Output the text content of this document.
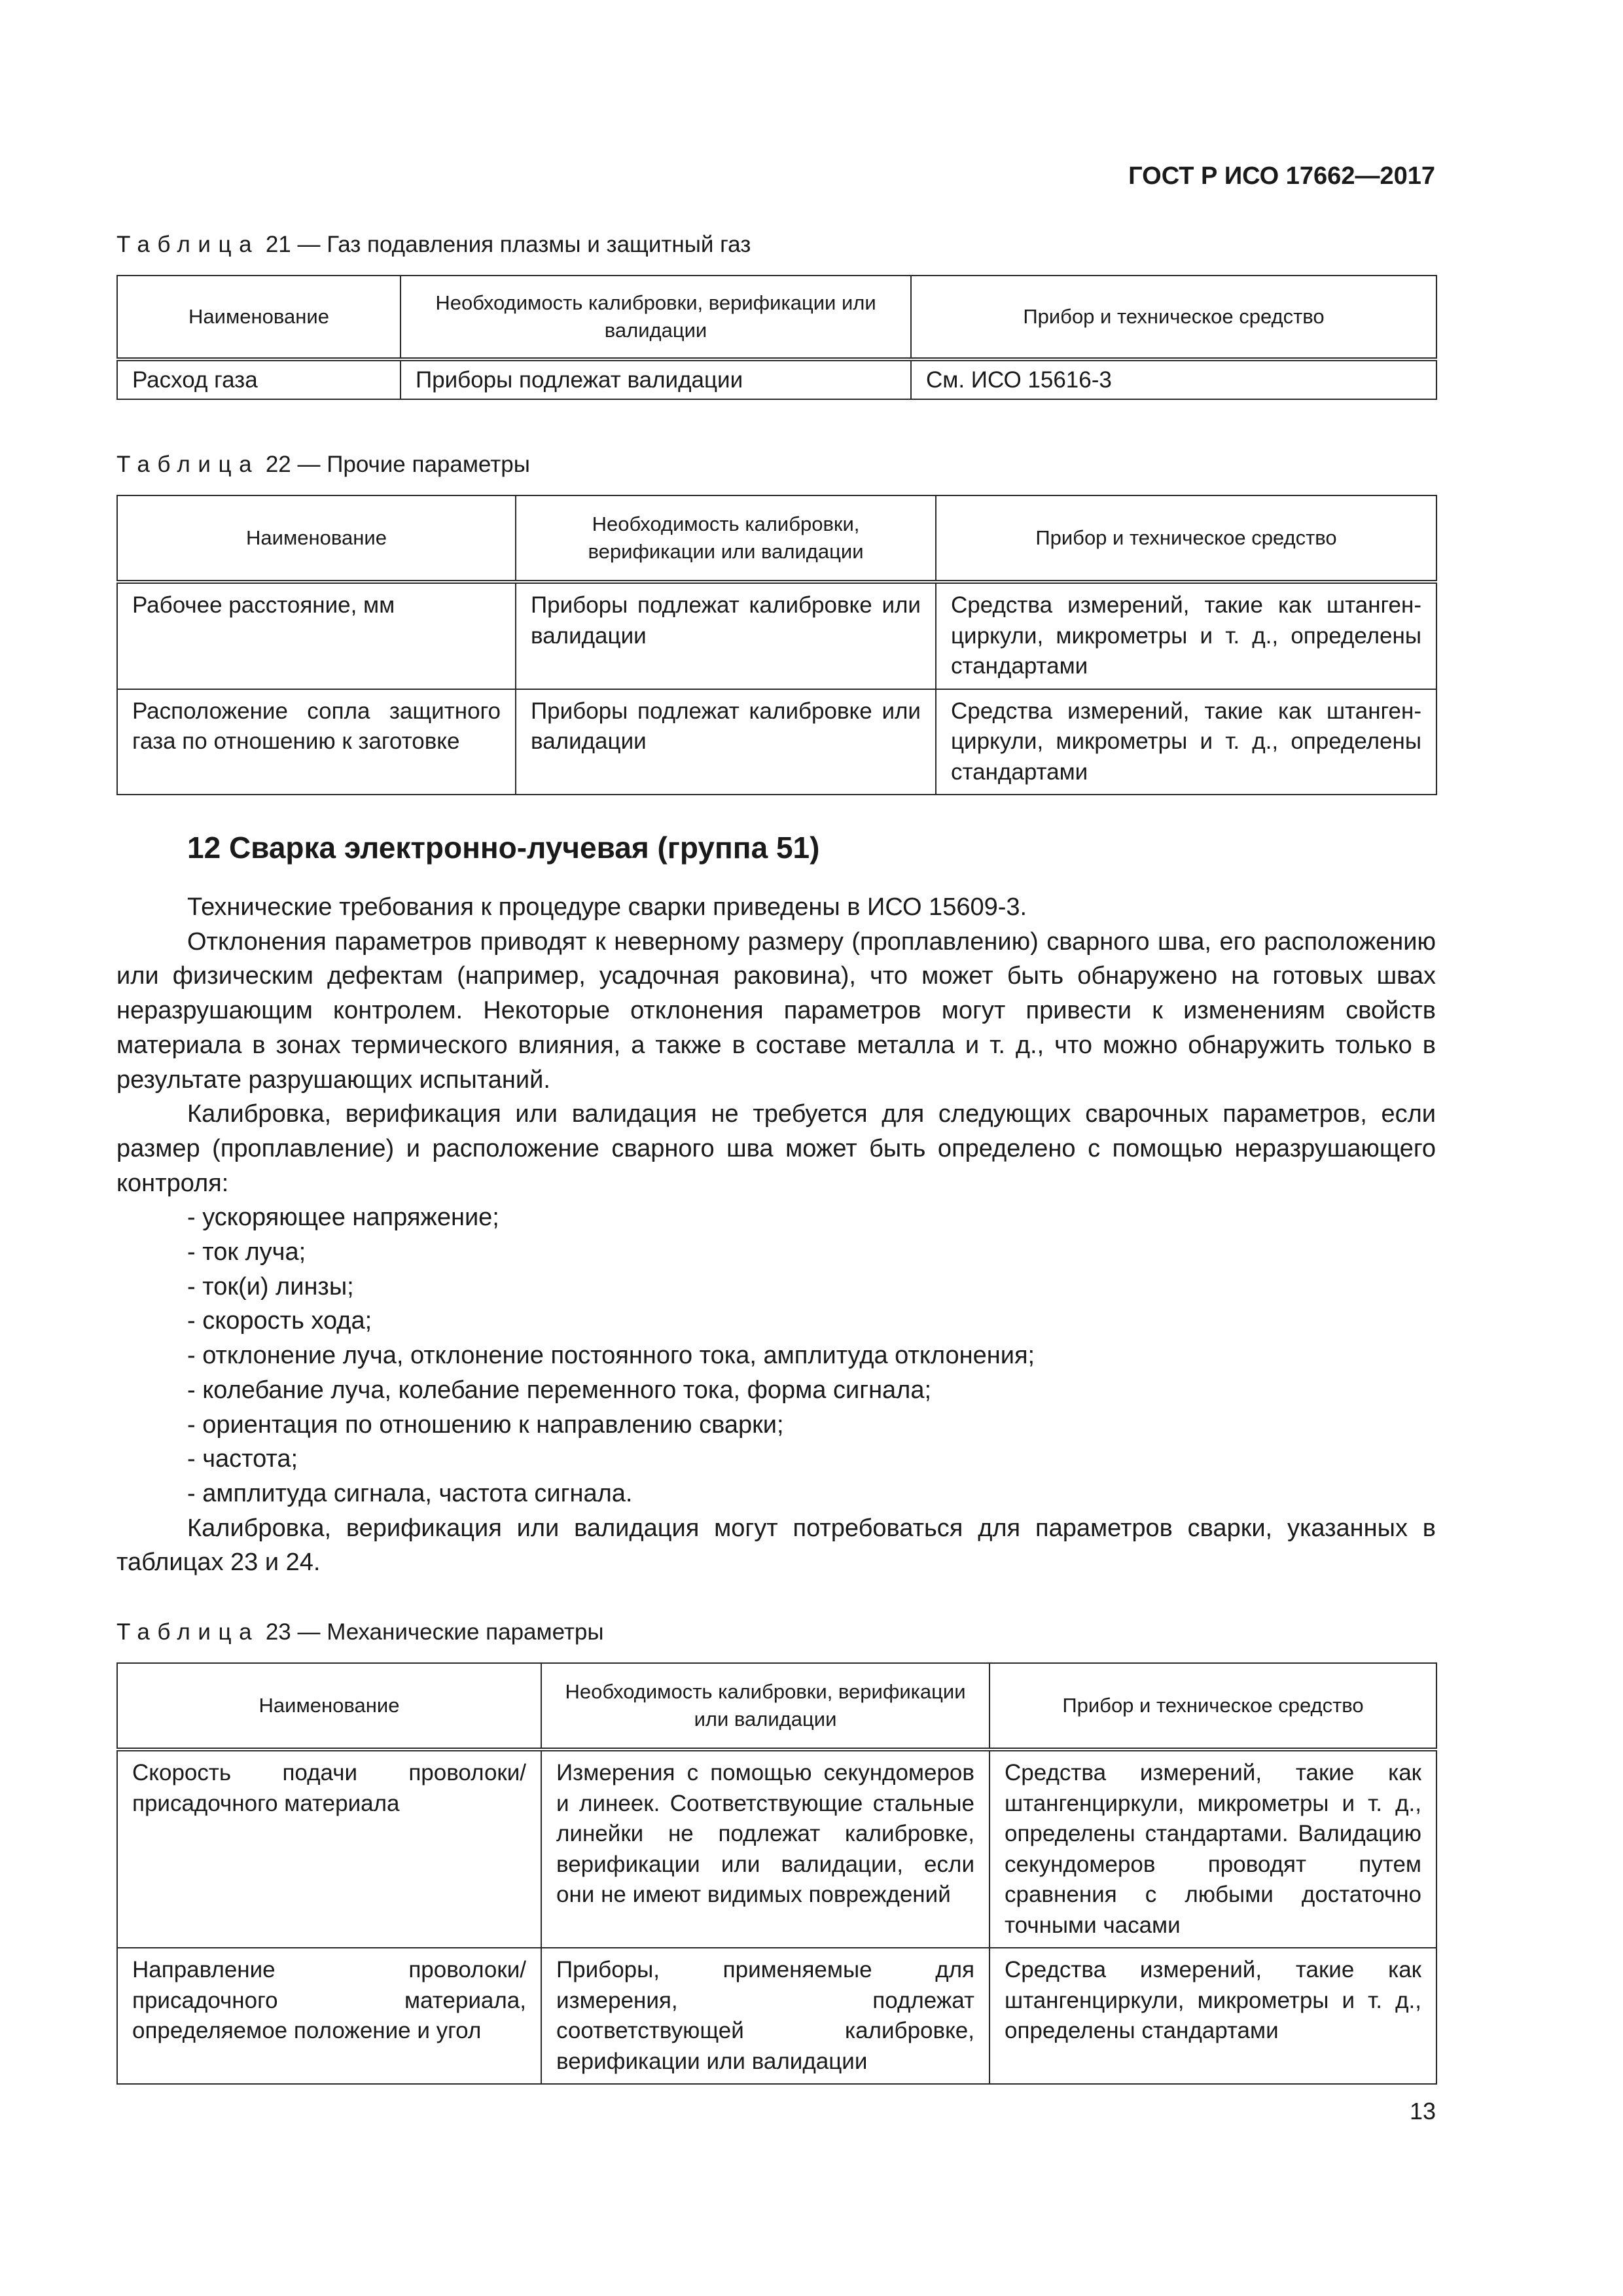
ГОСТ Р ИСО 17662—2017
Таблица 21 — Газ подавления плазмы и защитный газ
Наименование	Необходимость калибровки, верификации или валидации	Прибор и техническое средство
Расход газа	Приборы подлежат валидации	См. ИСО 15616-3
Таблица 22 — Прочие параметры
Наименование	Необходимость калибровки, верификации или валидации	Прибор и техническое средство
Рабочее расстояние, мм	Приборы подлежат калибровке или валидации	Средства измерений, такие как штангенциркули, микрометры и т. д., определены стандартами
Расположение сопла защитного газа по отношению к заготовке	Приборы подлежат калибровке или валидации	Средства измерений, такие как штангенциркули, микрометры и т. д., определены стандартами
12 Сварка электронно-лучевая (группа 51)

Технические требования к процедуре сварки приведены в ИСО 15609-3.

Отклонения параметров приводят к неверному размеру (проплавлению) сварного шва, его расположению или физическим дефектам (например, усадочная раковина), что может быть обнаружено на готовых швах неразрушающим контролем. Некоторые отклонения параметров могут привести к изменениям свойств материала в зонах термического влияния, а также в составе металла и т. д., что можно обнаружить только в результате разрушающих испытаний.

Калибровка, верификация или валидация не требуется для следующих сварочных параметров, если размер (проплавление) и расположение сварного шва может быть определено с помощью неразрушающего контроля:

- ускоряющее напряжение;
- ток луча;
- ток(и) линзы;
- скорость хода;
- отклонение луча, отклонение постоянного тока, амплитуда отклонения;
- колебание луча, колебание переменного тока, форма сигнала;
- ориентация по отношению к направлению сварки;
- частота;
- амплитуда сигнала, частота сигнала.

Калибровка, верификация или валидация могут потребоваться для параметров сварки, указанных в таблицах 23 и 24.

Таблица 23 — Механические параметры
Наименование	Необходимость калибровки, верификации или валидации	Прибор и техническое средство
Скорость подачи проволоки/присадочного материала	Измерения с помощью секундомеров и линеек. Соответствующие стальные линейки не подлежат калибровке, верификации или валидации, если они не имеют видимых повреждений	Средства измерений, такие как штангенциркули, микрометры и т. д., определены стандартами. Валидацию секундомеров проводят путем сравнения с любыми достаточно точными часами
Направление проволоки/присадочного материала, определяемое положение и угол	Приборы, применяемые для измерения, подлежат соответствующей калибровке, верификации или валидации	Средства измерений, такие как штангенциркули, микрометры и т. д., определены стандартами
13
